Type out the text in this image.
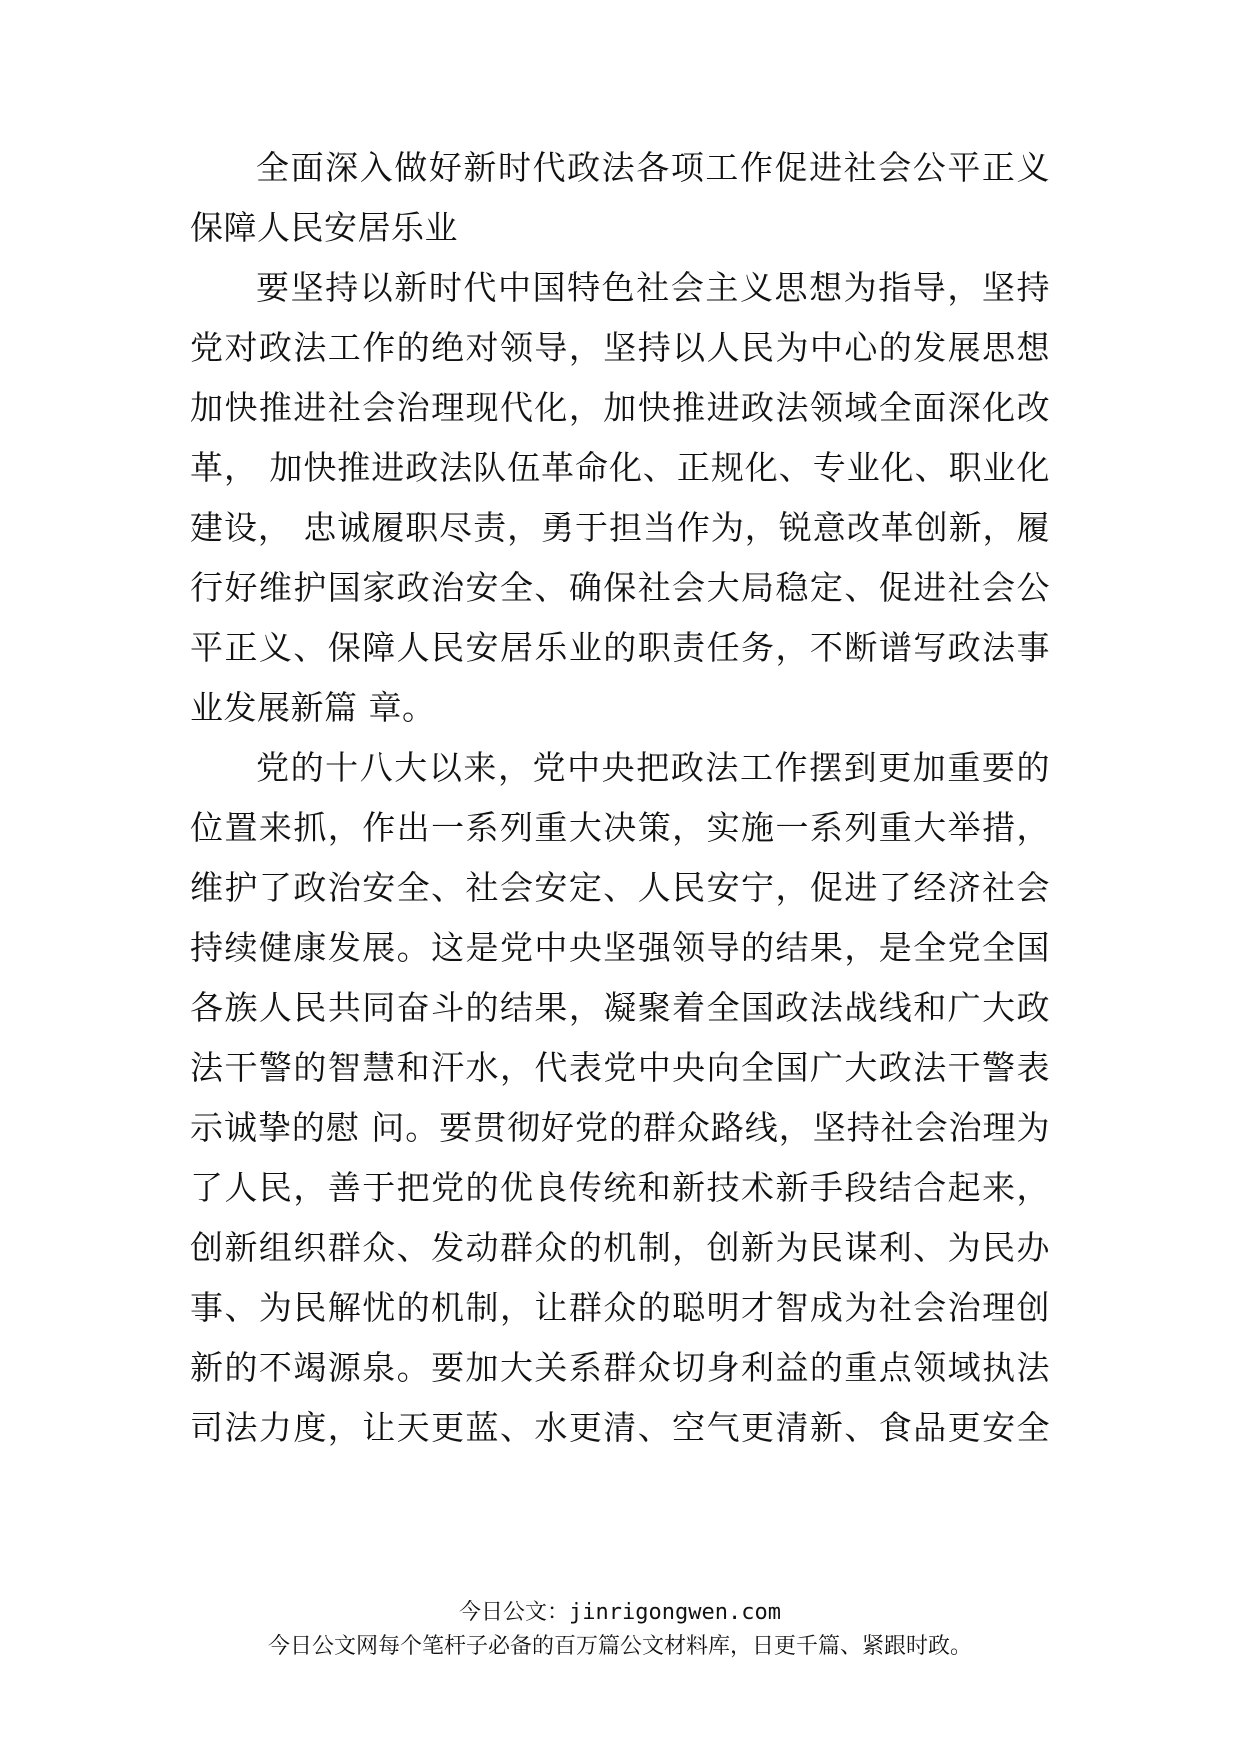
全面深入做好新时代政法各项工作促进社会公平正义
保障人民安居乐业
要坚持以新时代中国特色社会主义思想为指导，坚持
党对政法工作的绝对领导，坚持以人民为中心的发展思想
加快推进社会治理现代化，加快推进政法领域全面深化改
革， 加快推进政法队伍革命化、正规化、专业化、职业化
建设， 忠诚履职尽责，勇于担当作为，锐意改革创新，履
行好维护国家政治安全、确保社会大局稳定、促进社会公
平正义、保障人民安居乐业的职责任务，不断谱写政法事
业发展新篇 章。
党的十八大以来，党中央把政法工作摆到更加重要的
位置来抓，作出一系列重大决策，实施一系列重大举措，
维护了政治安全、社会安定、人民安宁，促进了经济社会
持续健康发展。这是党中央坚强领导的结果，是全党全国
各族人民共同奋斗的结果，凝聚着全国政法战线和广大政
法干警的智慧和汗水，代表党中央向全国广大政法干警表
示诚挚的慰 问。要贯彻好党的群众路线，坚持社会治理为
了人民，善于把党的优良传统和新技术新手段结合起来，
创新组织群众、发动群众的机制，创新为民谋利、为民办
事、为民解忧的机制，让群众的聪明才智成为社会治理创
新的不竭源泉。要加大关系群众切身利益的重点领域执法
司法力度，让天更蓝、水更清、空气更清新、食品更安全
今日公文：jinrigongwen.com
今日公文网每个笔杆子必备的百万篇公文材料库，日更千篇、紧跟时政。
